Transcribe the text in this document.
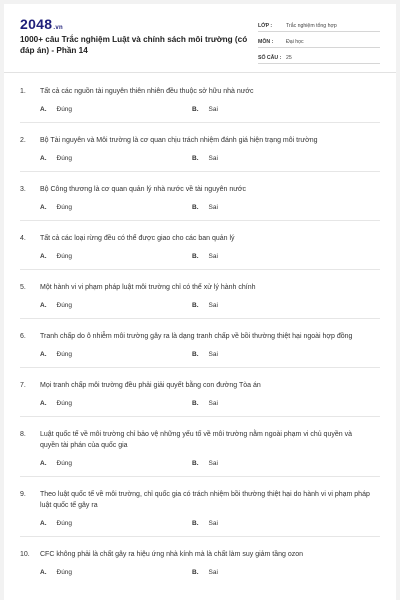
2048.vn
1000+ câu Trắc nghiệm Luật và chính sách môi trường (có đáp án) - Phần 14
LỚP :	Trắc nghiệm tổng hợp
MÔN :	Đại học
SỐ CÂU : 25
1.	Tất cả các nguồn tài nguyên thiên nhiên đều thuộc sở hữu nhà nước
A. Đúng	B. Sai
2.	Bộ Tài nguyên và Môi trường là cơ quan chịu trách nhiệm đánh giá hiện trạng môi trường
A. Đúng	B. Sai
3.	Bộ Công thương là cơ quan quản lý nhà nước về tài nguyên nước
A. Đúng	B. Sai
4.	Tất cả các loại rừng đều có thể được giao cho các ban quản lý
A. Đúng	B. Sai
5.	Một hành vi vi phạm pháp luật môi trường chỉ có thể xử lý hành chính
A. Đúng	B. Sai
6.	Tranh chấp do ô nhiễm môi trường gây ra là dạng tranh chấp về bồi thường thiệt hại ngoài hợp đồng
A. Đúng	B. Sai
7.	Mọi tranh chấp môi trường đều phải giải quyết bằng con đường Tòa án
A. Đúng	B. Sai
8.	Luật quốc tế về môi trường chỉ bảo vệ những yếu tố về môi trường nằm ngoài phạm vi chủ quyền và quyền tài phán của quốc gia
A. Đúng	B. Sai
9.	Theo luật quốc tế về môi trường, chỉ quốc gia có trách nhiệm bồi thường thiệt hại do hành vi vi phạm pháp luật quốc tế gây ra
A. Đúng	B. Sai
10.	CFC không phải là chất gây ra hiệu ứng nhà kính mà là chất làm suy giảm tầng ozon
A. Đúng	B. Sai
